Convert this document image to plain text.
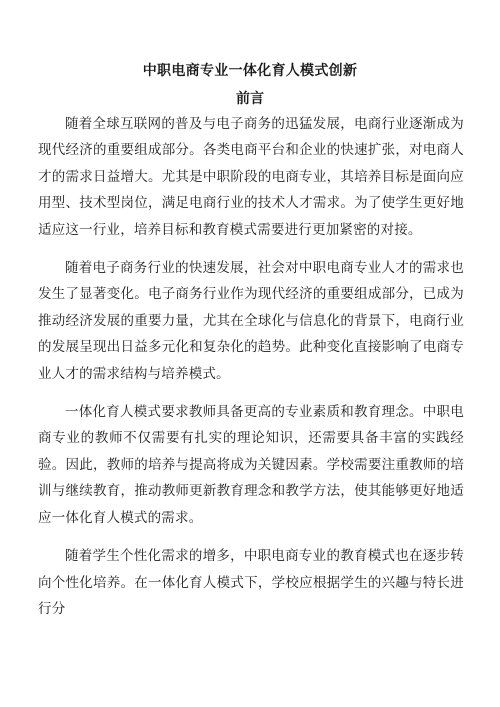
中职电商专业一体化育人模式创新
前言

随着全球互联网的普及与电子商务的迅猛发展，电商行业逐渐成为现代经济的重要组成部分。各类电商平台和企业的快速扩张，对电商人才的需求日益增大。尤其是中职阶段的电商专业，其培养目标是面向应用型、技术型岗位，满足电商行业的技术人才需求。为了使学生更好地适应这一行业，培养目标和教育模式需要进行更加紧密的对接。

随着电子商务行业的快速发展，社会对中职电商专业人才的需求也发生了显著变化。电子商务行业作为现代经济的重要组成部分，已成为推动经济发展的重要力量，尤其在全球化与信息化的背景下，电商行业的发展呈现出日益多元化和复杂化的趋势。此种变化直接影响了电商专业人才的需求结构与培养模式。

一体化育人模式要求教师具备更高的专业素质和教育理念。中职电商专业的教师不仅需要有扎实的理论知识，还需要具备丰富的实践经验。因此，教师的培养与提高将成为关键因素。学校需要注重教师的培训与继续教育，推动教师更新教育理念和教学方法，使其能够更好地适应一体化育人模式的需求。

随着学生个性化需求的增多，中职电商专业的教育模式也在逐步转向个性化培养。在一体化育人模式下，学校应根据学生的兴趣与特长进行分
